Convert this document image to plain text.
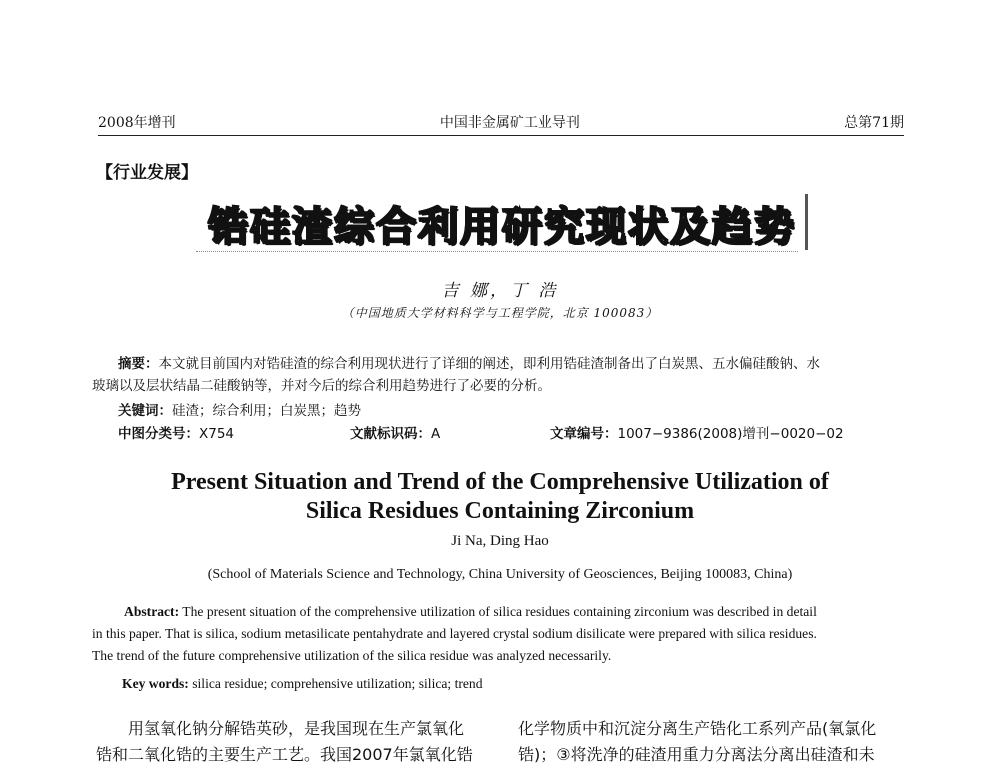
2008年增刊	中国非金属矿工业导刊	总第71期
【行业发展】
锆硅渣综合利用研究现状及趋势
吉 娜，丁 浩
（中国地质大学材料科学与工程学院，北京 100083）
摘要：本文就目前国内对锆硅渣的综合利用现状进行了详细的阐述，即利用锆硅渣制备出了白炭黑、五水偏硅酸钠、水
玻璃以及层状结晶二硅酸钠等，并对今后的综合利用趋势进行了必要的分析。
关键词：硅渣；综合利用；白炭黑；趋势
中图分类号：X754	文献标识码：A	文章编号：1007−9386(2008)增刊−0020−02
Present Situation and Trend of the Comprehensive Utilization of
Silica Residues Containing Zirconium
Ji Na, Ding Hao
(School of Materials Science and Technology, China University of Geosciences, Beijing 100083, China)
Abstract: The present situation of the comprehensive utilization of silica residues containing zirconium was described in detail
in this paper. That is silica, sodium metasilicate pentahydrate and layered crystal sodium disilicate were prepared with silica residues.
The trend of the future comprehensive utilization of the silica residue was analyzed necessarily.
Key words: silica residue; comprehensive utilization; silica; trend
用氢氧化钠分解锆英砂，是我国现在生产氯氧化
锆和二氧化锆的主要生产工艺。我国2007年氯氧化锆
化学物质中和沉淀分离生产锆化工系列产品(氧氯化
锆)；③将洗净的硅渣用重力分离法分离出硅渣和未
